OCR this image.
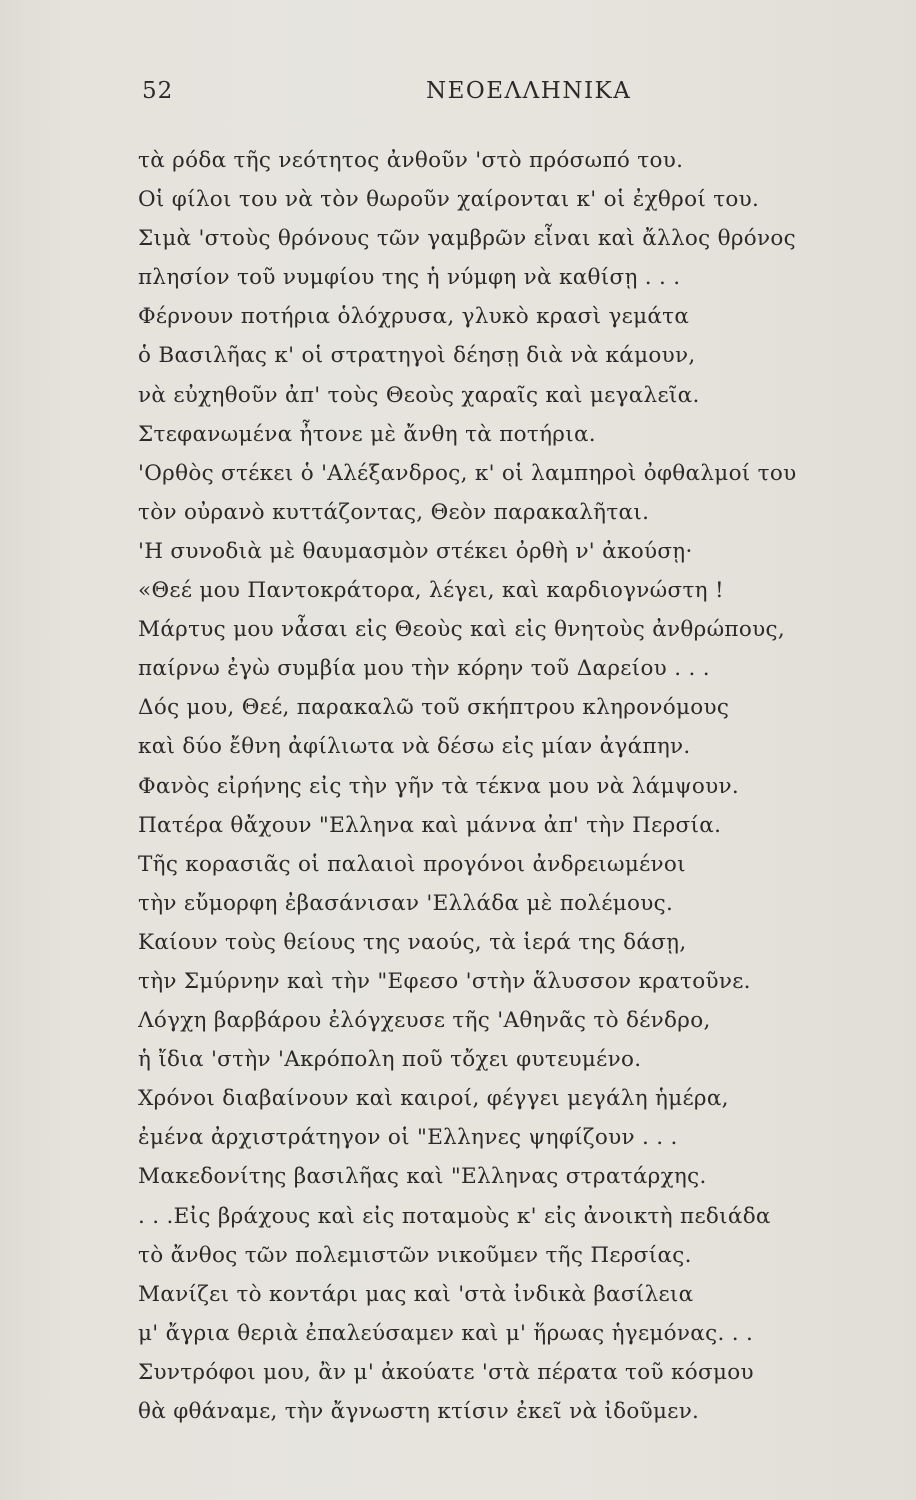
52	ΝΕΟΕΛΛΗΝΙΚΑ
τὰ ρόδα τῆς νεότητος ἀνθοῦν 'στὸ πρόσωπό του.
Οἱ φίλοι του νὰ τὸν θωροῦν χαίρονται κ' οἱ ἐχθροί του.
Σιμὰ 'στοὺς θρόνους τῶν γαμβρῶν εἶναι καὶ ἄλλος θρόνος
πλησίον τοῦ νυμφίου της ἡ νύμφη νὰ καθίσῃ . . .
Φέρνουν ποτήρια ὁλόχρυσα, γλυκὸ κρασὶ γεμάτα
ὁ Βασιλῆας κ' οἱ στρατηγοὶ δέησῃ διὰ νὰ κάμουν,
νὰ εὐχηθοῦν ἀπ' τοὺς Θεοὺς χαραῖς καὶ μεγαλεῖα.
Στεφανωμένα ἦτονε μὲ ἄνθη τὰ ποτήρια.
'Ορθὸς στέκει ὁ 'Αλέξανδρος, κ' οἱ λαμπηροὶ ὀφθαλμοί του
τὸν οὐρανὸ κυττάζοντας, Θεὸν παρακαλῆται.
'Η συνοδιὰ μὲ θαυμασμὸν στέκει ὀρθὴ ν' ἀκούσῃ·
«Θεέ μου Παντοκράτορα, λέγει, καὶ καρδιογνώστη !
Μάρτυς μου νἆσαι εἰς Θεοὺς καὶ εἰς θνητοὺς ἀνθρώπους,
παίρνω ἐγὼ συμβία μου τὴν κόρην τοῦ Δαρείου . . .
Δός μου, Θεέ, παρακαλῶ τοῦ σκήπτρου κληρονόμους
καὶ δύο ἔθνη ἀφίλιωτα νὰ δέσω εἰς μίαν ἀγάπην.
Φανὸς εἰρήνης εἰς τὴν γῆν τὰ τέκνα μου νὰ λάμψουν.
Πατέρα θἄχουν "Ελληνα καὶ μάννα ἀπ' τὴν Περσία.
Τῆς κορασιᾶς οἱ παλαιοὶ προγόνοι ἀνδρειωμένοι
τὴν εὔμορφη ἐβασάνισαν 'Ελλάδα μὲ πολέμους.
Καίουν τοὺς θείους της ναούς, τὰ ἱερά της δάσῃ,
τὴν Σμύρνην καὶ τὴν "Εφεσο 'στὴν ἅλυσσον κρατοῦνε.
Λόγχη βαρβάρου ἐλόγχευσε τῆς 'Αθηνᾶς τὸ δένδρο,
ἡ ἴδια 'στὴν 'Ακρόπολη ποῦ τὄχει φυτευμένο.
Χρόνοι διαβαίνουν καὶ καιροί, φέγγει μεγάλη ἡμέρα,
ἐμένα ἀρχιστράτηγον οἱ "Ελληνες ψηφίζουν . . .
Μακεδονίτης βασιλῆας καὶ "Ελληνας στρατάρχης.
. . .Εἰς βράχους καὶ εἰς ποταμοὺς κ' εἰς ἀνοικτὴ πεδιάδα
τὸ ἄνθος τῶν πολεμιστῶν νικοῦμεν τῆς Περσίας.
Μανίζει τὸ κοντάρι μας καὶ 'στὰ ἰνδικὰ βασίλεια
μ' ἄγρια θεριὰ ἐπαλεύσαμεν καὶ μ' ἥρωας ἡγεμόνας. . .
Συντρόφοι μου, ἂν μ' ἀκούατε 'στὰ πέρατα τοῦ κόσμου
θὰ φθάναμε, τὴν ἄγνωστη κτίσιν ἐκεῖ νὰ ἰδοῦμεν.
